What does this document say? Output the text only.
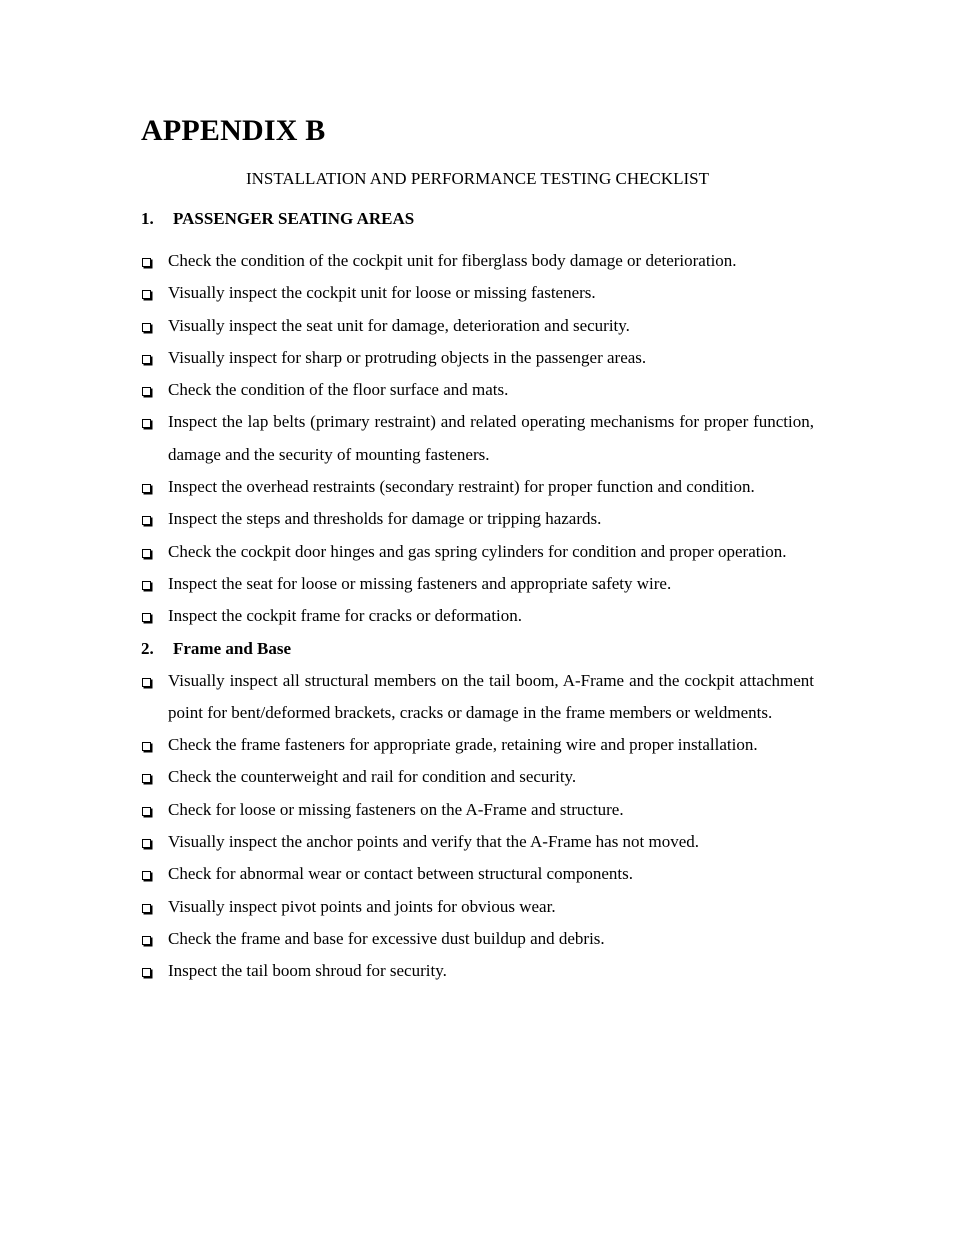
APPENDIX B

INSTALLATION AND PERFORMANCE TESTING CHECKLIST

1.	PASSENGER SEATING AREAS
Check the condition of the cockpit unit for fiberglass body damage or deterioration.
Visually inspect the cockpit unit for loose or missing fasteners.
Visually inspect the seat unit for damage, deterioration and security.
Visually inspect for sharp or protruding objects in the passenger areas.
Check the condition of the floor surface and mats.
Inspect the lap belts (primary restraint) and related operating mechanisms for proper function, damage and the security of mounting fasteners.
Inspect the overhead restraints (secondary restraint) for proper function and condition.
Inspect the steps and thresholds for damage or tripping hazards.
Check the cockpit door hinges and gas spring cylinders for condition and proper operation.
Inspect the seat for loose or missing fasteners and appropriate safety wire.
Inspect the cockpit frame for cracks or deformation.
2.	Frame and Base
Visually inspect all structural members on the tail boom, A-Frame and the cockpit attachment point for bent/deformed brackets, cracks or damage in the frame members or weldments.
Check the frame fasteners for appropriate grade, retaining wire and proper installation.
Check the counterweight and rail for condition and security.
Check for loose or missing fasteners on the A-Frame and structure.
Visually inspect the anchor points and verify that the A-Frame has not moved.
Check for abnormal wear or contact between structural components.
Visually inspect pivot points and joints for obvious wear.
Check the frame and base for excessive dust buildup and debris.
Inspect the tail boom shroud for security.
